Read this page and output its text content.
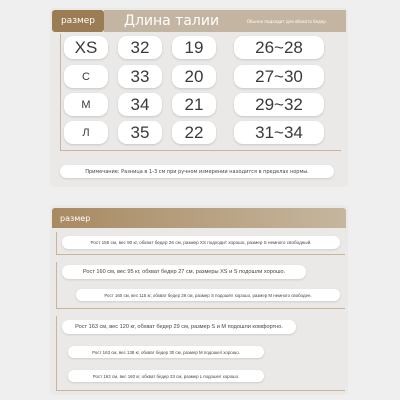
размер	Длина талии	Обычно подходит для обхвата бедер.
XS	32	19	26~28
C	33	20	27~30
M	34	21	29~32
Л	35	22	31~34
Примечание: Разница в 1-3 см при ручном измерении находится в пределах нормы.
размер
Рост 155 см, вес 90 кг, обхват бедер 26 см, размер XS подходит хорошо, размер S немного свободный.
Рост 160 см, вес 95 кг, обхват бедер 27 см, размеры XS и S подошли хорошо.
Рост 160 см, вес 115 кг, обхват бедер 28 см, размер S подошёл хорошо, размер M немного свободен.
Рост 163 см, вес 120 кг, обхват бедер 29 см, размер S и M подошли комфортно.
Рост 163 см, вес 138 кг, обхват бедер 30 см, размер M подошел хорошо.
Рост 163 см, вес 160 кг, обхват бедер 33 см, размер L подошел хорошо.
